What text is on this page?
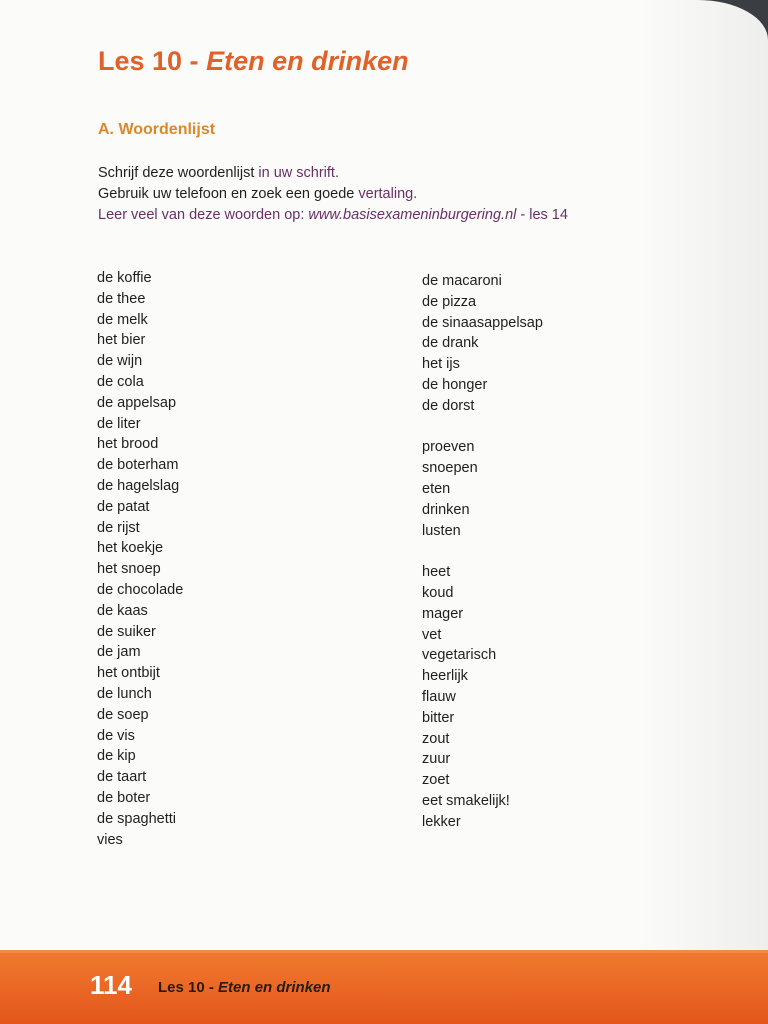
Les 10 - Eten en drinken
A. Woordenlijst
Schrijf deze woordenlijst in uw schrift.
Gebruik uw telefoon en zoek een goede vertaling.
Leer veel van deze woorden op: www.basisexameninburgering.nl - les 14
de koffie
de thee
de melk
het bier
de wijn
de cola
de appelsap
de liter
het brood
de boterham
de hagelslag
de patat
de rijst
het koekje
het snoep
de chocolade
de kaas
de suiker
de jam
het ontbijt
de lunch
de soep
de vis
de kip
de taart
de boter
de spaghetti
vies
de macaroni
de pizza
de sinaasappelsap
de drank
het ijs
de honger
de dorst
proeven
snoepen
eten
drinken
lusten
heet
koud
mager
vet
vegetarisch
heerlijk
flauw
bitter
zout
zuur
zoet
eet smakelijk!
lekker
114 Les 10 - Eten en drinken
